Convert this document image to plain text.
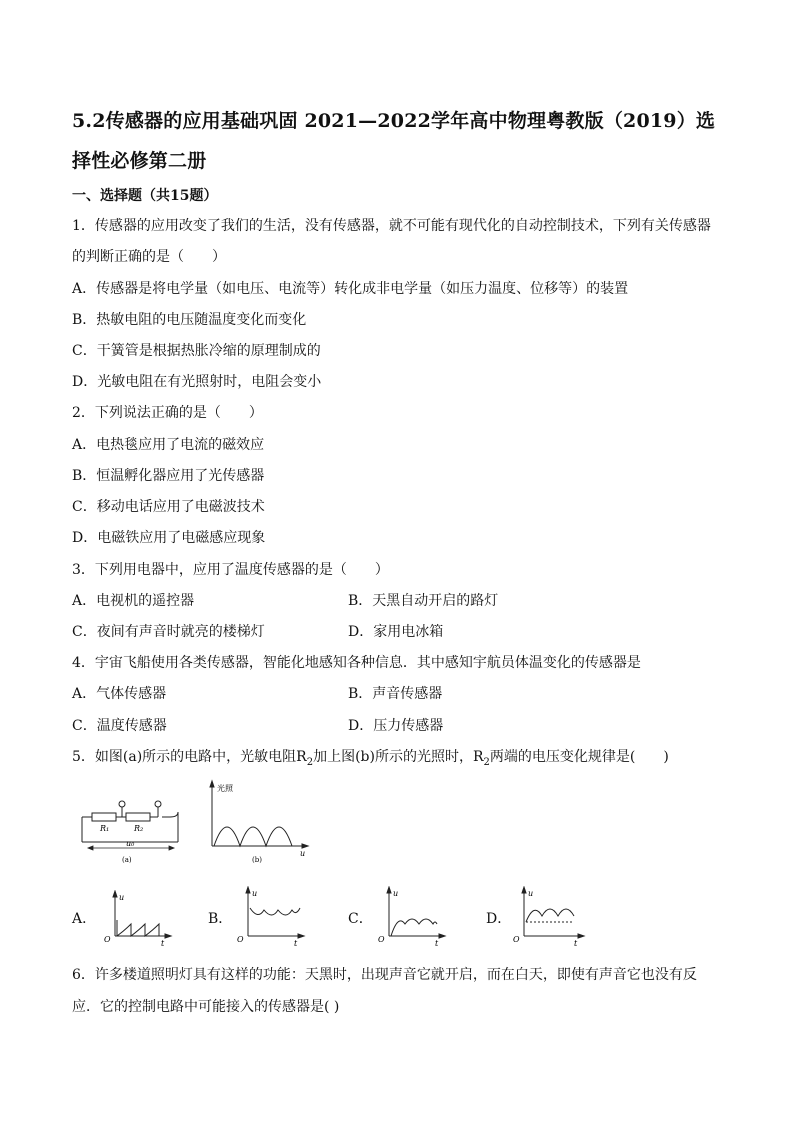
5.2传感器的应用基础巩固 2021—2022学年高中物理粤教版（2019）选择性必修第二册
一、选择题（共15题）
1．传感器的应用改变了我们的生活，没有传感器，就不可能有现代化的自动控制技术，下列有关传感器
的判断正确的是（　　）
A．传感器是将电学量（如电压、电流等）转化成非电学量（如压力温度、位移等）的装置
B．热敏电阻的电压随温度变化而变化
C．干簧管是根据热胀冷缩的原理制成的
D．光敏电阻在有光照射时，电阻会变小
2．下列说法正确的是（　　）
A．电热毯应用了电流的磁效应
B．恒温孵化器应用了光传感器
C．移动电话应用了电磁波技术
D．电磁铁应用了电磁感应现象
3．下列用电器中，应用了温度传感器的是（　　）
A．电视机的遥控器	B．天黑自动开启的路灯
C．夜间有声音时就亮的楼梯灯	D．家用电冰箱
4．宇宙飞船使用各类传感器，智能化地感知各种信息．其中感知宇航员体温变化的传感器是
A．气体传感器	B．声音传感器
C．温度传感器	D．压力传感器
5．如图(a)所示的电路中，光敏电阻$R_2$加上图(b)所示的光照时，$R_2$两端的电压变化规律是(　　)
R₁	R₂
u₀
(a)
光照
u
(b)
A．
u
O	t
B．
u
O	t
C．
u
O	t
D．
u
O	t
6．许多楼道照明灯具有这样的功能：天黑时，出现声音它就开启，而在白天，即使有声音它也没有反
应．它的控制电路中可能接入的传感器是( )
